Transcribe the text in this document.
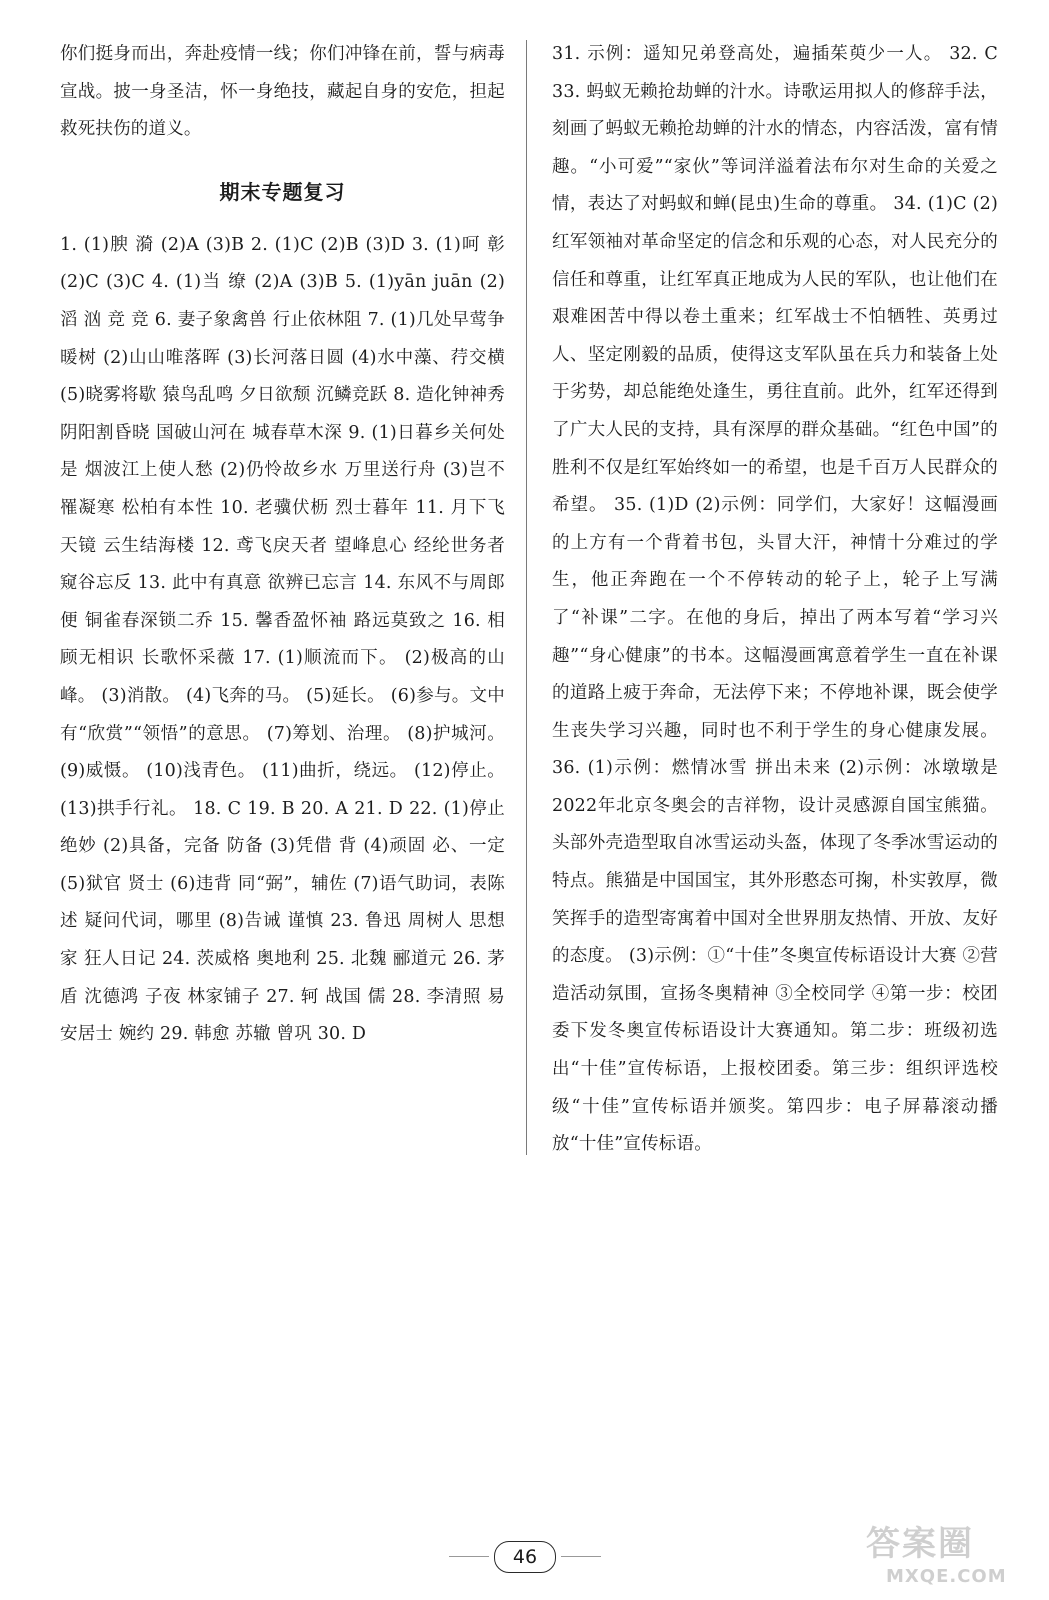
你们挺身而出，奔赴疫情一线；你们冲锋在前，誓与病毒宣战。披一身圣洁，怀一身绝技，藏起自身的安危，担起救死扶伤的道义。

期末专题复习

1. (1)腴 漪 (2)A (3)B 2. (1)C (2)B (3)D 3. (1)呵 彰 (2)C (3)C 4. (1)当 缭 (2)A (3)B 5. (1)yān juān (2)滔 汹 竞 竞 6. 妻子象禽兽 行止依林阻 7. (1)几处早莺争暖树 (2)山山唯落晖 (3)长河落日圆 (4)水中藻、荇交横 (5)晓雾将歇 猿鸟乱鸣 夕日欲颓 沉鳞竞跃 8. 造化钟神秀 阴阳割昏晓 国破山河在 城春草木深 9. (1)日暮乡关何处是 烟波江上使人愁 (2)仍怜故乡水 万里送行舟 (3)岂不罹凝寒 松柏有本性 10. 老骥伏枥 烈士暮年 11. 月下飞天镜 云生结海楼 12. 鸢飞戾天者 望峰息心 经纶世务者 窥谷忘反 13. 此中有真意 欲辨已忘言 14. 东风不与周郎便 铜雀春深锁二乔 15. 馨香盈怀袖 路远莫致之 16. 相顾无相识 长歌怀采薇 17. (1)顺流而下。 (2)极高的山峰。 (3)消散。 (4)飞奔的马。 (5)延长。 (6)参与。文中有“欣赏”“领悟”的意思。 (7)筹划、治理。 (8)护城河。 (9)威慑。 (10)浅青色。 (11)曲折，绕远。 (12)停止。 (13)拱手行礼。 18. C 19. B 20. A 21. D 22. (1)停止 绝妙 (2)具备，完备 防备 (3)凭借 背 (4)顽固 必、一定 (5)狱官 贤士 (6)违背 同“弼”，辅佐 (7)语气助词，表陈述 疑问代词，哪里 (8)告诫 谨慎 23. 鲁迅 周树人 思想家 狂人日记 24. 茨威格 奥地利 25. 北魏 郦道元 26. 茅盾 沈德鸿 子夜 林家铺子 27. 轲 战国 儒 28. 李清照 易安居士 婉约 29. 韩愈 苏辙 曾巩 30. D

31. 示例：遥知兄弟登高处，遍插茱萸少一人。 32. C 33. 蚂蚁无赖抢劫蝉的汁水。诗歌运用拟人的修辞手法，刻画了蚂蚁无赖抢劫蝉的汁水的情态，内容活泼，富有情趣。“小可爱”“家伙”等词洋溢着法布尔对生命的关爱之情，表达了对蚂蚁和蝉(昆虫)生命的尊重。 34. (1)C (2)红军领袖对革命坚定的信念和乐观的心态，对人民充分的信任和尊重，让红军真正地成为人民的军队，也让他们在艰难困苦中得以卷土重来；红军战士不怕牺牲、英勇过人、坚定刚毅的品质，使得这支军队虽在兵力和装备上处于劣势，却总能绝处逢生，勇往直前。此外，红军还得到了广大人民的支持，具有深厚的群众基础。“红色中国”的胜利不仅是红军始终如一的希望，也是千百万人民群众的希望。 35. (1)D (2)示例：同学们，大家好！这幅漫画的上方有一个背着书包，头冒大汗，神情十分难过的学生，他正奔跑在一个不停转动的轮子上，轮子上写满了“补课”二字。在他的身后，掉出了两本写着“学习兴趣”“身心健康”的书本。这幅漫画寓意着学生一直在补课的道路上疲于奔命，无法停下来；不停地补课，既会使学生丧失学习兴趣，同时也不利于学生的身心健康发展。 36. (1)示例：燃情冰雪 拼出未来 (2)示例：冰墩墩是2022年北京冬奥会的吉祥物，设计灵感源自国宝熊猫。头部外壳造型取自冰雪运动头盔，体现了冬季冰雪运动的特点。熊猫是中国国宝，其外形憨态可掬，朴实敦厚，微笑挥手的造型寄寓着中国对全世界朋友热情、开放、友好的态度。 (3)示例：①“十佳”冬奥宣传标语设计大赛 ②营造活动氛围，宣扬冬奥精神 ③全校同学 ④第一步：校团委下发冬奥宣传标语设计大赛通知。第二步：班级初选出“十佳”宣传标语，上报校团委。第三步：组织评选校级“十佳”宣传标语并颁奖。第四步：电子屏幕滚动播放“十佳”宣传标语。

46	答案圈
MXQE.COM
